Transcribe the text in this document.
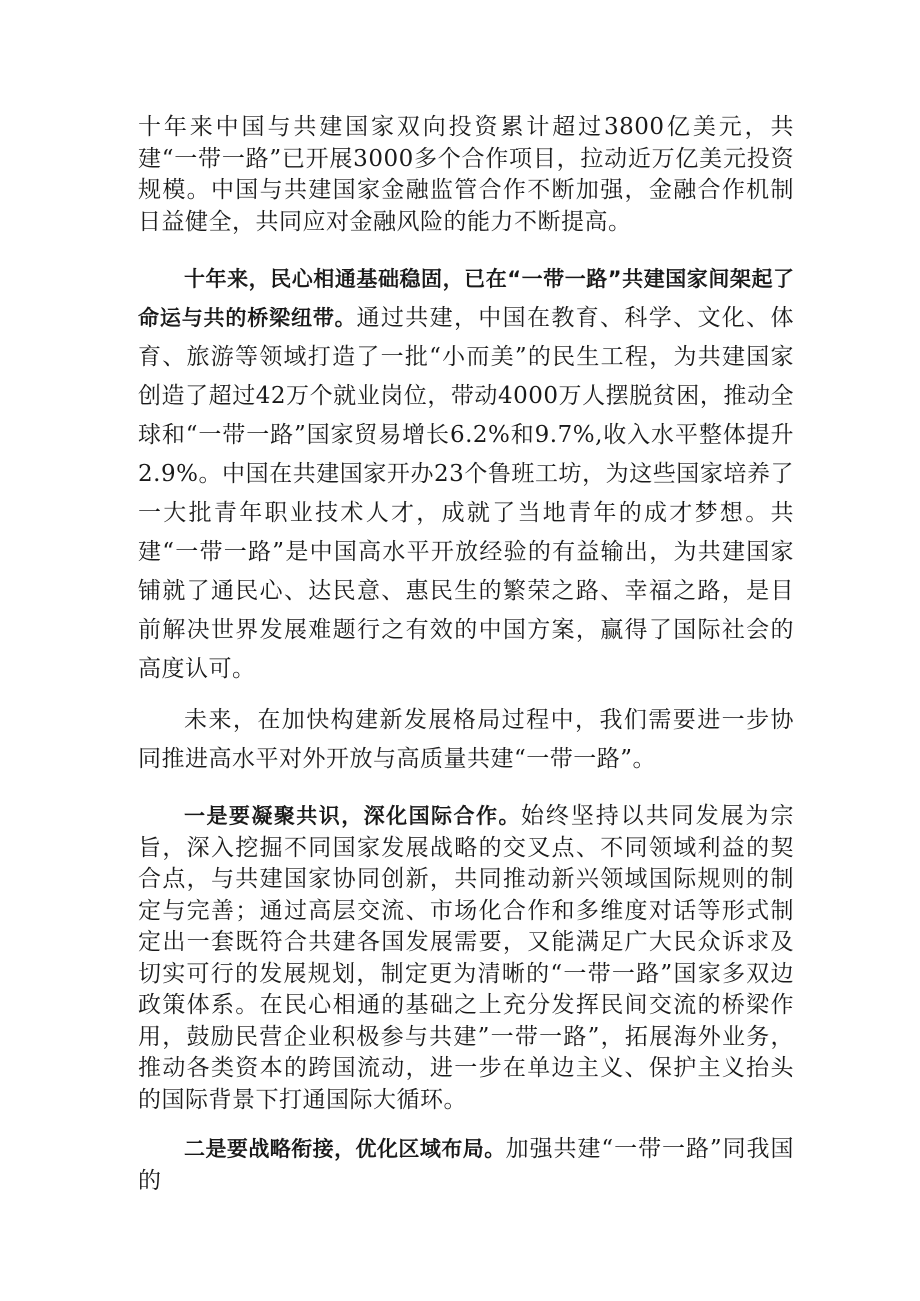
十年来中国与共建国家双向投资累计超过3800亿美元，共建“一带一路”已开展3000多个合作项目，拉动近万亿美元投资规模。中国与共建国家金融监管合作不断加强，金融合作机制日益健全，共同应对金融风险的能力不断提高。

十年来，民心相通基础稳固，已在“一带一路”共建国家间架起了命运与共的桥梁纽带。通过共建，中国在教育、科学、文化、体育、旅游等领域打造了一批“小而美”的民生工程，为共建国家创造了超过42万个就业岗位，带动4000万人摆脱贫困，推动全球和“一带一路”国家贸易增长6.2%和9.7%,收入水平整体提升2.9%。中国在共建国家开办23个鲁班工坊，为这些国家培养了一大批青年职业技术人才，成就了当地青年的成才梦想。共建“一带一路”是中国高水平开放经验的有益输出，为共建国家铺就了通民心、达民意、惠民生的繁荣之路、幸福之路，是目前解决世界发展难题行之有效的中国方案，赢得了国际社会的高度认可。

未来，在加快构建新发展格局过程中，我们需要进一步协同推进高水平对外开放与高质量共建“一带一路”。

一是要凝聚共识，深化国际合作。始终坚持以共同发展为宗旨，深入挖掘不同国家发展战略的交叉点、不同领域利益的契合点，与共建国家协同创新，共同推动新兴领域国际规则的制定与完善；通过高层交流、市场化合作和多维度对话等形式制定出一套既符合共建各国发展需要，又能满足广大民众诉求及切实可行的发展规划，制定更为清晰的“一带一路”国家多双边政策体系。在民心相通的基础之上充分发挥民间交流的桥梁作用，鼓励民营企业积极参与共建”一带一路”，拓展海外业务，推动各类资本的跨国流动，进一步在单边主义、保护主义抬头的国际背景下打通国际大循环。

二是要战略衔接，优化区域布局。加强共建“一带一路”同我国的
